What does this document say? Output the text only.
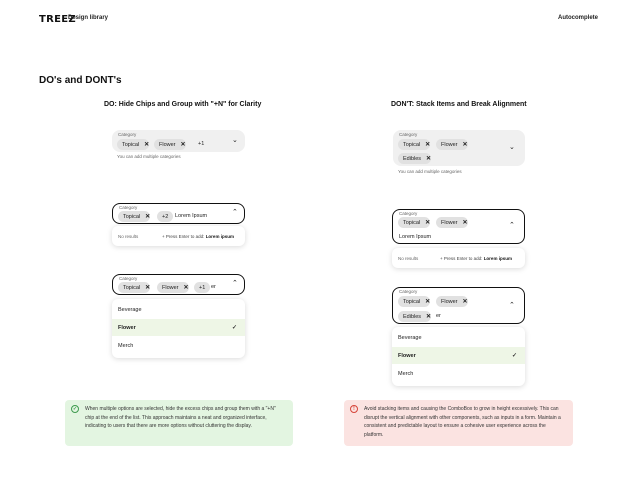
TREEZ
Design library	Autocomplete
DO's and DONT's
DO: Hide Chips and Group with "+N" for Clarity
Category
Topical ✕ Flower ✕ +1	⌄
You can add multiple categories
Category
Topical ✕	+2	Lorem Ipsum	⌃
No results	+ Press Enter to add: Lorem ipsum
Category
Topical ✕ Flower ✕	+1	er ⌃
Beverage
Flower	✓
Merch
✓	When multiple options are selected, hide the excess chips and group them with a "+N" chip at the end of the list. This approach maintains a neat and organized interface, indicating to users that there are more options without cluttering the display.
DON'T: Stack Items and Break Alignment
Category
Topical ✕ Flower ✕
Edibles ✕
⌄
You can add multiple categories
Category
Topical ✕ Flower ✕
Lorem Ipsum
⌃
No results	+ Press Enter to add: Lorem ipsum
Category
Topical ✕ Flower ✕
Edibles ✕ er
⌃
Beverage
Flower	✓
Merch
!	Avoid stacking items and causing the ComboBox to grow in height excessively. This can disrupt the vertical alignment with other components, such as inputs in a form. Maintain a consistent and predictable layout to ensure a cohesive user experience across the platform.
